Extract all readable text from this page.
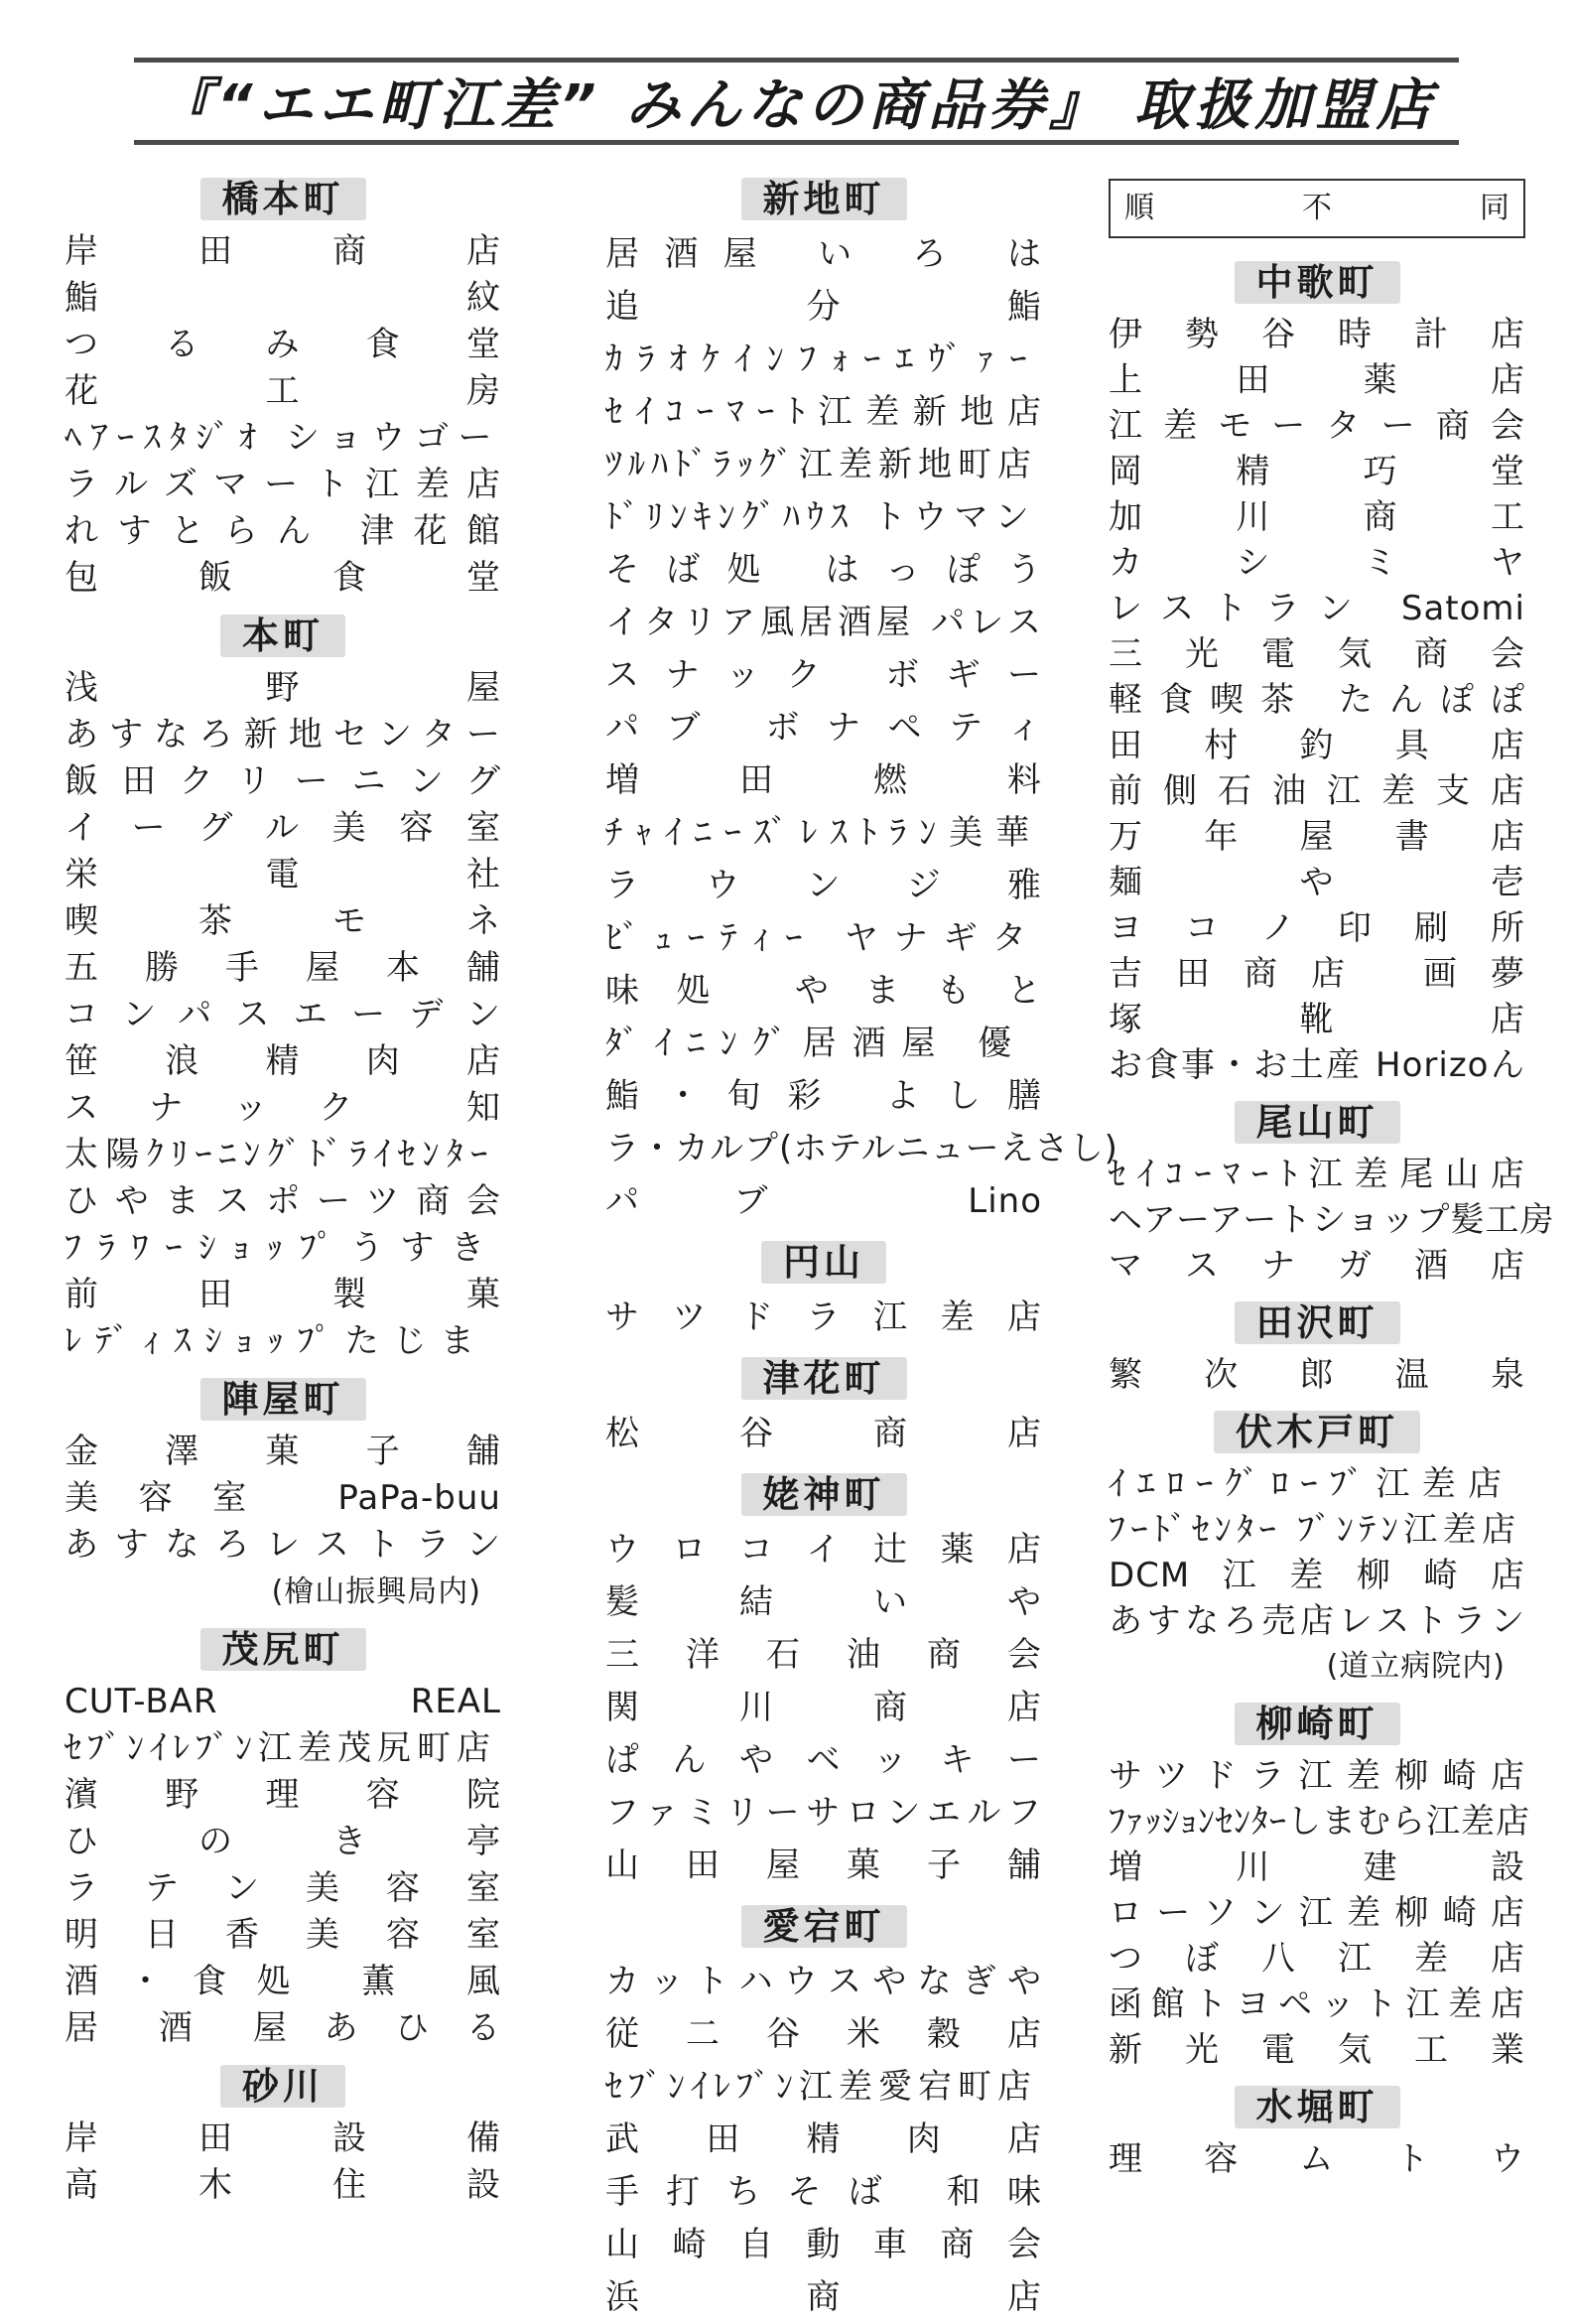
『“エエ町江差” みんなの商品券』 取扱加盟店
橋本町
岸　田　商　店
鮨　紋
つ　る　み　食　堂
花　工　房
ﾍｱｰｽﾀｼﾞｵ ショウゴー
ラルズマート江差店
れすとらん 津花館
包　飯　食　堂
本町
浅　野　屋
あすなろ新地センター
飯田クリーニング
イーグル美容室
栄　電　社
喫　茶　モ　ネ
五勝手屋本舗
コンパスエーデン
笹　浪　精　肉　店
スナック 知
太陽ｸﾘｰﾆﾝｸﾞﾄﾞﾗｲｾﾝﾀｰ
ひやまスポーツ商会
ﾌﾗﾜｰｼｮｯﾌﾟうすき
前　田　製　菓
ﾚﾃﾞｨｽｼｮｯﾌﾟたじま
陣屋町
金　澤　菓　子　舗
美容室 PaPa-buu
あすなろレストラン
(檜山振興局内)
茂尻町
CUT-BAR REAL
ｾﾌﾞﾝｲﾚﾌﾞﾝ江差茂尻町店
濱　野　理　容　院
ひ　の　き　亭
ラ　テ　ン　美　容　室
明　日　香　美　容　室
酒・食処 薫 風
居　酒　屋 あ ひ る
砂川
岸　田　設　備
高　木　住　設
新地町
居酒屋 い ろ は
追　分　鮨
ｶﾗｵｹｲﾝﾌｫｰｴｳﾞｧｰ
ｾｲｺｰﾏｰﾄ江差新地店
ﾂﾙﾊﾄﾞﾗｯｸﾞ江差新地町店
ﾄﾞﾘﾝｷﾝｸﾞﾊｳｽ トウマン
そば処 はっぽう
イタリア風居酒屋 パレス
スナック ボギー
パブ ボナペティ
増　田　燃　料
ﾁｬｲﾆｰｽﾞﾚｽﾄﾗﾝ美華
ラ ウ ン ジ 雅
ﾋﾞｭｰﾃｨｰ ヤナギタ
味処 やまもと
ﾀﾞｲﾆﾝｸﾞ居酒屋 優
鮨・旬彩 よし膳
ラ・カルプ(ホテルニューえさし)
パブ Lino
円山
サ ツ ド ラ 江 差 店
津花町
松　谷　商　店
姥神町
ウ ロ コ イ 辻 薬 店
髪 結 い や
三 洋 石 油 商 会
関　川　商　店
ぱ ん や ベ ッ キ ー
ファミリーサロンエルフ
山 田 屋 菓 子 舗
愛宕町
カットハウスやなぎや
従 二 谷 米 穀 店
ｾﾌﾞﾝｲﾚﾌﾞﾝ江差愛宕町店
武 田 精 肉 店
手打ちそば 和味
山 崎 自 動 車 商 会
浜　商　店
順　　不　　同
中歌町
伊 勢 谷 時 計 店
上　田　薬　店
江差モーター商会
岡　精　巧　堂
加　川　商　工
カ　シ　ミ　ヤ
レストラン Satomi
三 光 電 気 商 会
軽食喫茶 たんぽぽ
田 村 釣 具 店
前側石油江差支店
万 年 屋 書 店
麺　や　壱
ヨ コ ノ 印 刷 所
吉田商店 画夢
塚　靴　店
お食事・お土産 Horizoん
尾山町
ｾｲｺｰﾏｰﾄ江差尾山店
ヘアーアートショップ髪工房
マ ス ナ ガ 酒 店
田沢町
繁 次 郎 温 泉
伏木戸町
ｲｴﾛｰｸﾞﾛｰﾌﾞ江差店
ﾌｰﾄﾞｾﾝﾀｰ ﾌﾞﾝﾃﾝ江差店
DCM江差柳崎店
あすなろ売店レストラン
(道立病院内)
柳崎町
サツドラ江差柳崎店
ﾌｧｯｼｮﾝｾﾝﾀｰしまむら江差店
増　川　建　設
ローソン江差柳崎店
つ ぼ 八 江 差 店
函館トヨペット江差店
新 光 電 気 工 業
水堀町
理 容 ム ト ウ
